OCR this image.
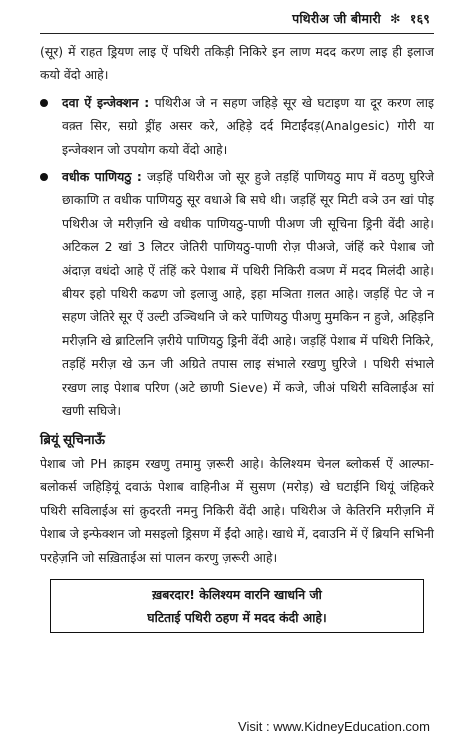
पथिरीअ जी बीमारी ✻ १६९

(सूर) में राहत ड्रियण लाइ ऐं पथिरी तकिड़ी निकिरे इन लाण मदद करण लाइ ही इलाज कयो वेंदो आहे।

दवा ऐं इन्जेक्शन : पथिरीअ जे न सहण जहिड़े सूर खे घटाइण या दूर करण लाइ वक़्त सिर, सग्रो ड्रींह असर करे, अहिड़े दर्द मिटाईंदड़(Analgesic) गोरी या इन्जेक्शन जो उपयोग कयो वेंदो आहे।

वधीक पाणियठु : जड़हिं पथिरीअ जो सूर हुजे तड़हिं पाणियठु माप में वठणु घुरिजे छाकाणि त वधीक पाणियठु सूर वधाअे बि सघे थी। जड़हिं सूर मिटी वञे उन खां पोइ पथिरीअ जे मरीज़नि खे वधीक पाणियठु-पाणी पीअण जी सूचिना ड्रिनी वेंदी आहे। अटिकल 2 खां 3 लिटर जेतिरी पाणियठु-पाणी रोज़ पीअजे, जंहिं करे पेशाब जो अंदाज़ वधंदो आहे ऐं तंहिं करे पेशाब में पथिरी निकिरी वञण में मदद मिलंदी आहे। बीयर इहो पथिरी कढण जो इलाजु आहे, इहा मञिता ग़लत आहे। जड़हिं पेट जे न सहण जेतिरे सूर ऐं उल्टी उञ्चिथनि जे करे पाणियठु पीअणु मुमकिन न हुजे, अहिड़नि मरीज़नि खे ब्राटिलनि ज़रीये पाणियठु ड्रिनी वेंदी आहे। जड़हिं पेशाब में पथिरी निकिरे, तड़हिं मरीज़ खे ऊन जी अग्रिते तपास लाइ संभाले रखणु घुरिजे । पथिरी संभाले रखण लाइ पेशाब परिण (अटे छाणी Sieve) में कजे, जीअं पथिरी सविलाईअ सां खणी सघिजे।

ब्रियूं सूचिनाऊँ

पेशाब जो PH क़ाइम रखणु तमामु ज़रूरी आहे। केलिश्यम चेनल ब्लोकर्स ऐं आल्फा-बलोकर्स जहिड़ियूं दवाऊं पेशाब वाहिनीअ में सुसण (मरोड़) खे घटाईनि थियूं जंहिकरे पथिरी सविलाईअ सां क़ुदरती नमनु निकिरी वेंदी आहे। पथिरीअ जे केतिरनि मरीज़नि में पेशाब जे इन्फेक्शन जो मसइलो ड्रिसण में ईंदो आहे। खाधे में, दवाउनि में ऐं ब्रियनि सभिनी परहेज़नि जो सख़िताईअ सां पालन करणु ज़रूरी आहे।

ख़बरदार! केलिश्यम वारनि खाधनि जी
घटिताई पथिरी ठहण में मदद कंदी आहे।
Visit : www.KidneyEducation.com
